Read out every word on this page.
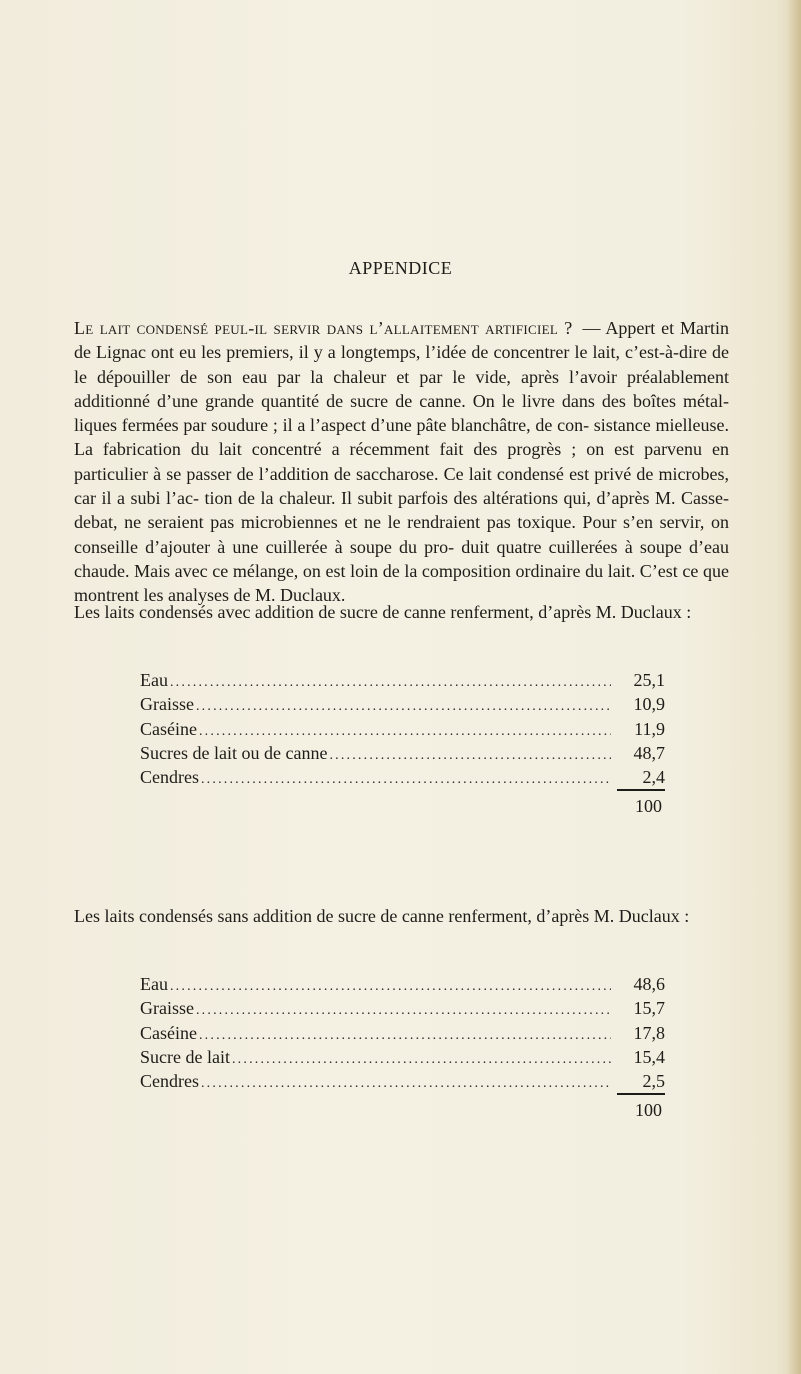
APPENDICE
Le lait condensé peul-il servir dans l’allaitement artificiel ? — Appert et Martin de Lignac ont eu les premiers, il y a longtemps, l’idée de concentrer le lait, c’est-à-dire de le dépouiller de son eau par la chaleur et par le vide, après l’avoir préalablement additionné d’une grande quantité de sucre de canne. On le livre dans des boîtes métal- liques fermées par soudure ; il a l’aspect d’une pâte blanchâtre, de con- sistance mielleuse. La fabrication du lait concentré a récemment fait des progrès ; on est parvenu en particulier à se passer de l’addition de saccharose. Ce lait condensé est privé de microbes, car il a subi l’ac- tion de la chaleur. Il subit parfois des altérations qui, d’après M. Casse- debat, ne seraient pas microbiennes et ne le rendraient pas toxique. Pour s’en servir, on conseille d’ajouter à une cuillerée à soupe du pro- duit quatre cuillerées à soupe d’eau chaude. Mais avec ce mélange, on est loin de la composition ordinaire du lait. C’est ce que montrent les analyses de M. Duclaux.
Les laits condensés avec addition de sucre de canne renferment, d’après M. Duclaux :
Eau .....	25,1
Graisse .....	10,9
Caséine .....	11,9
Sucres de lait ou de canne .....	48,7
Cendres .....	2,4
100
Les laits condensés sans addition de sucre de canne renferment, d’après M. Duclaux :
Eau .....	48,6
Graisse .....	15,7
Caséine .....	17,8
Sucre de lait .....	15,4
Cendres .....	2,5
100
